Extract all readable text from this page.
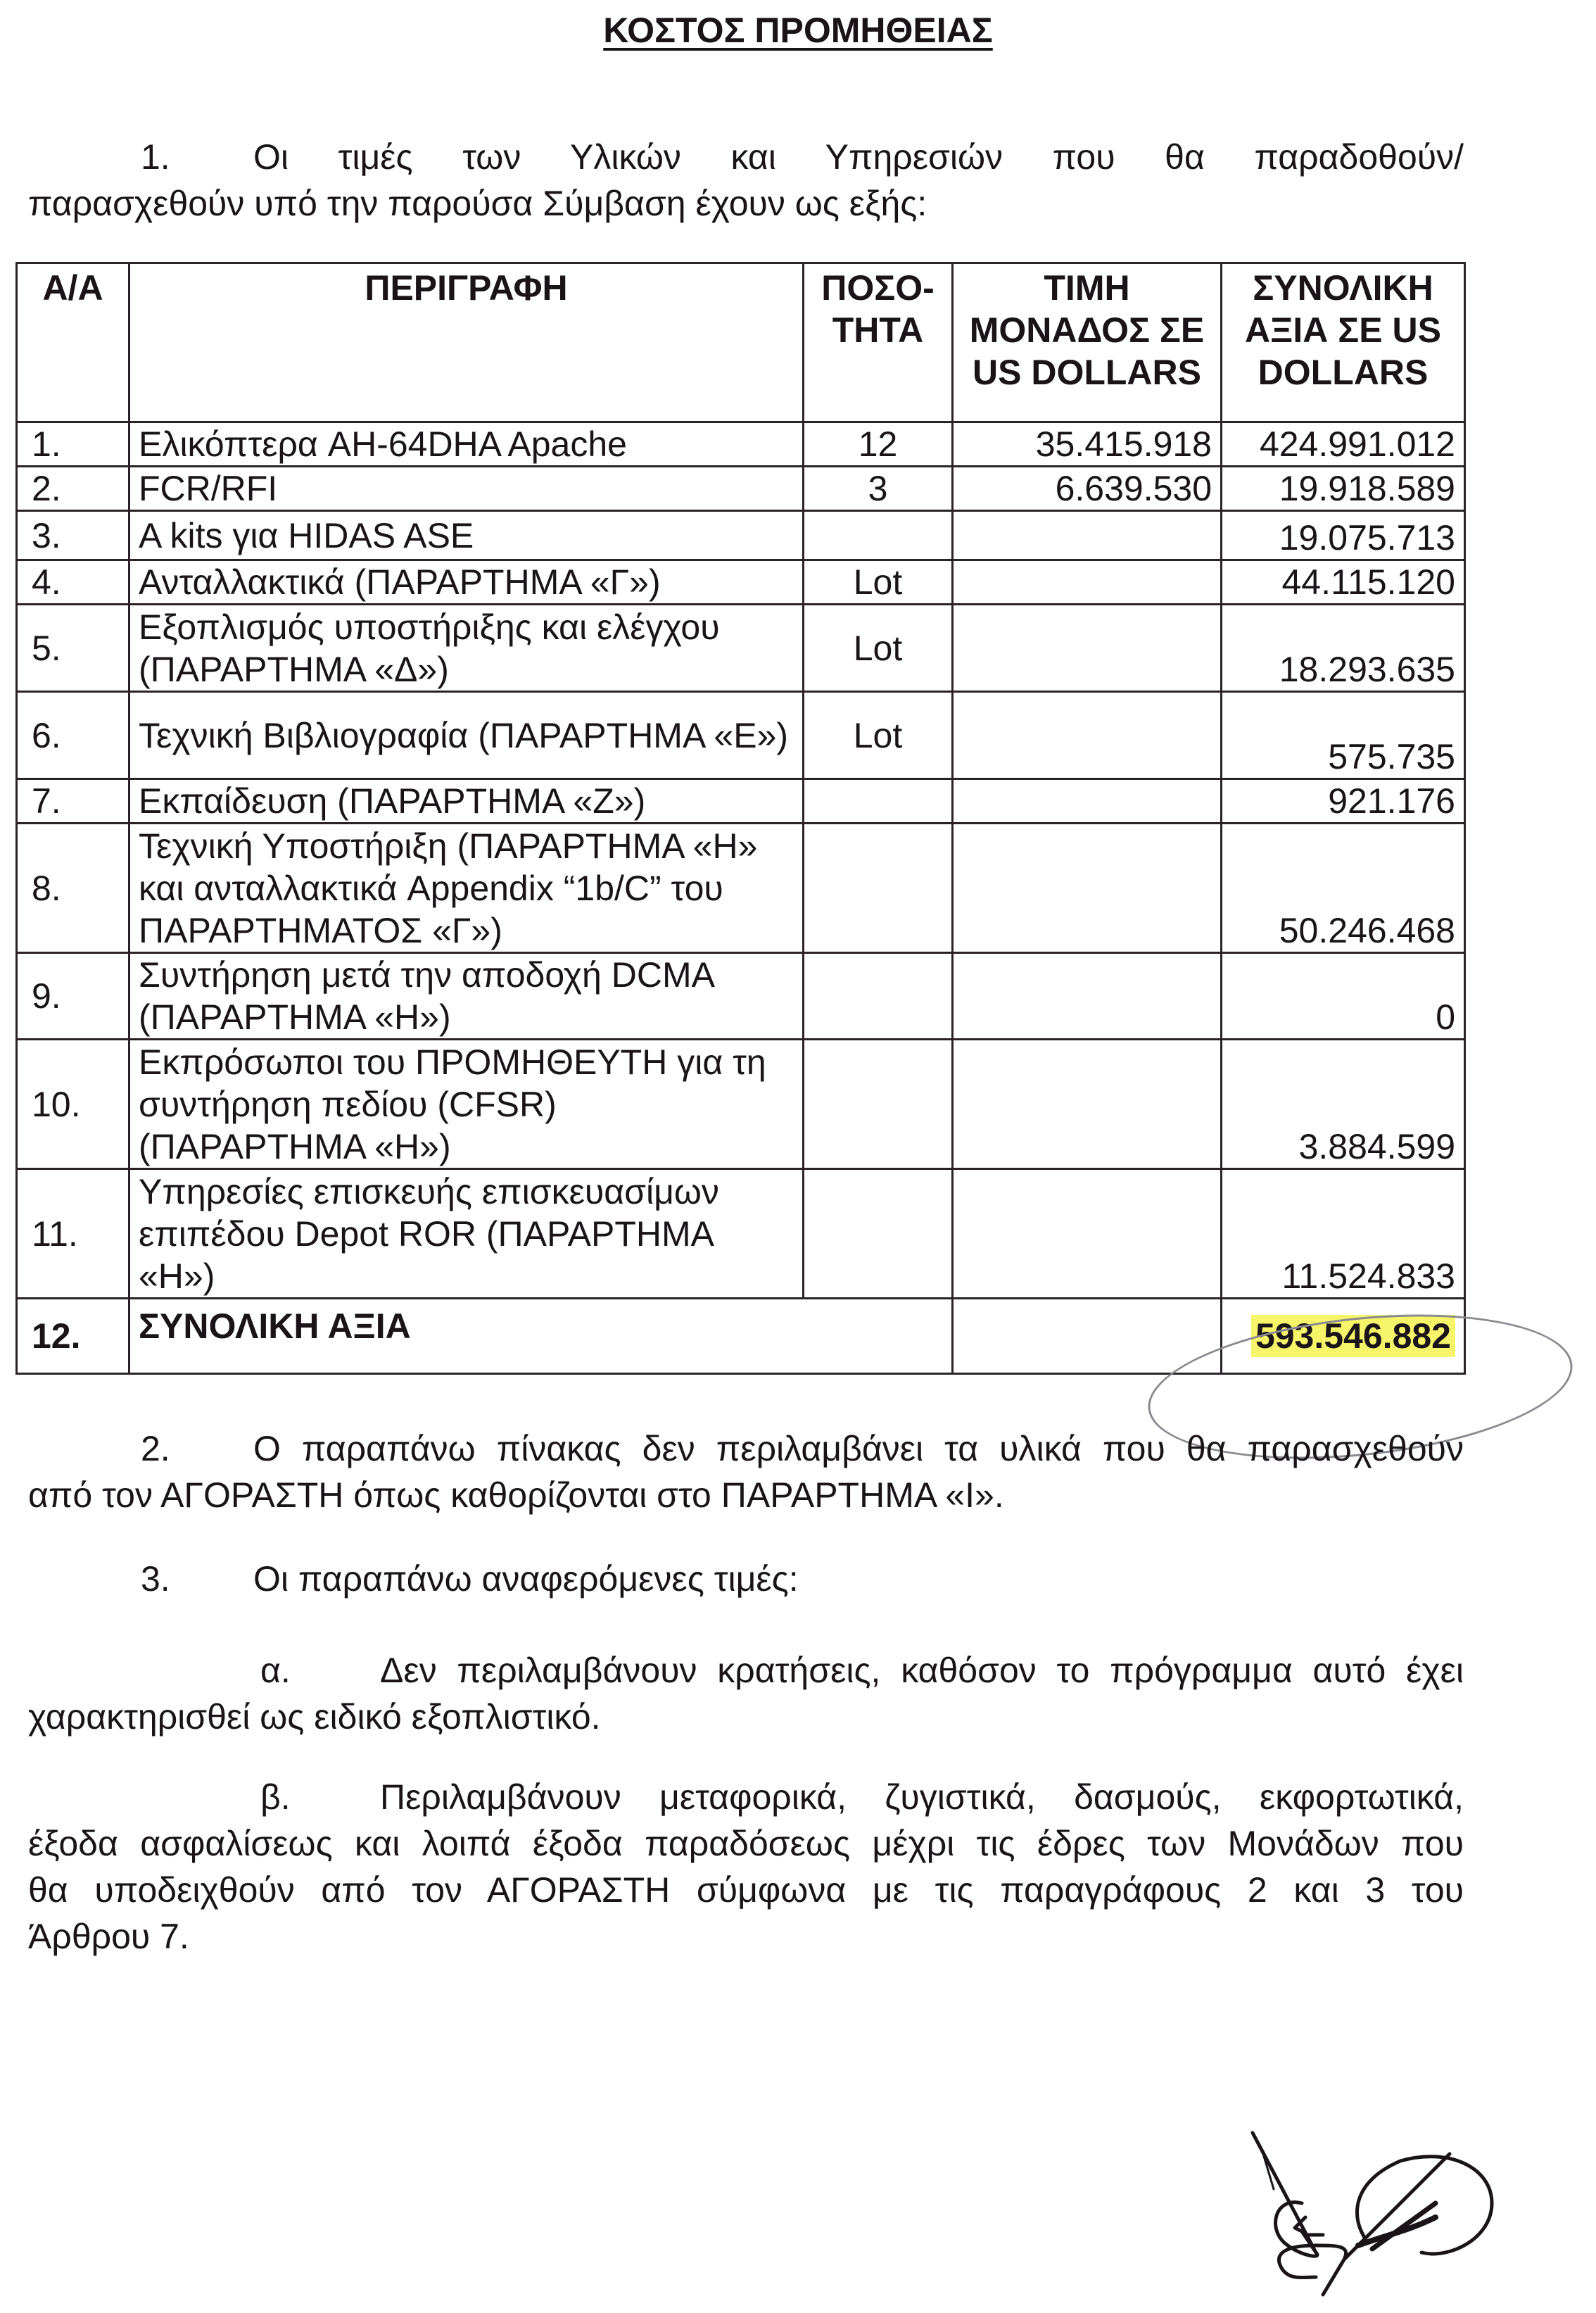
ΚΟΣΤΟΣ ΠΡΟΜΗΘΕΙΑΣ
1. Οι τιμές των Υλικών και Υπηρεσιών που θα παραδοθούν/
παρασχεθούν υπό την παρούσα Σύμβαση έχουν ως εξής:
Α/Α	ΠΕΡΙΓΡΑΦΗ	ΠΟΣΟ-ΤΗΤΑ	ΤΙΜΗ ΜΟΝΑΔΟΣ ΣΕ US DOLLARS	ΣΥΝΟΛΙΚΗ ΑΞΙΑ ΣΕ US DOLLARS
1.	Ελικόπτερα AH-64DHA Apache	12	35.415.918	424.991.012
2.	FCR/RFI	3	6.639.530	19.918.589
3.	A kits για HIDAS ASE			19.075.713
4.	Ανταλλακτικά (ΠΑΡΑΡΤΗΜΑ «Γ»)	Lot		44.115.120
5.	Εξοπλισμός υποστήριξης και ελέγχου (ΠΑΡΑΡΤΗΜΑ «Δ»)	Lot		18.293.635
6.	Τεχνική Βιβλιογραφία (ΠΑΡΑΡΤΗΜΑ «Ε»)	Lot		575.735
7.	Εκπαίδευση (ΠΑΡΑΡΤΗΜΑ «Ζ»)			921.176
8.	Τεχνική Υποστήριξη (ΠΑΡΑΡΤΗΜΑ «Η» και ανταλλακτικά Appendix “1b/C” του ΠΑΡΑΡΤΗΜΑΤΟΣ «Γ»)			50.246.468
9.	Συντήρηση μετά την αποδοχή DCMA (ΠΑΡΑΡΤΗΜΑ «Η»)			0
10.	Εκπρόσωποι του ΠΡΟΜΗΘΕΥΤΗ για τη συντήρηση πεδίου (CFSR) (ΠΑΡΑΡΤΗΜΑ «Η»)			3.884.599
11.	Υπηρεσίες επισκευής επισκευασίμων επιπέδου Depot ROR (ΠΑΡΑΡΤΗΜΑ «Η»)			11.524.833
12.	ΣΥΝΟΛΙΚΗ ΑΞΙΑ			593.546.882
2. Ο παραπάνω πίνακας δεν περιλαμβάνει τα υλικά που θα παρασχεθούν
από τον ΑΓΟΡΑΣΤΗ όπως καθορίζονται στο ΠΑΡΑΡΤΗΜΑ «Ι».
3. Οι παραπάνω αναφερόμενες τιμές:
α.	Δεν περιλαμβάνουν κρατήσεις, καθόσον το πρόγραμμα αυτό έχει
χαρακτηρισθεί ως ειδικό εξοπλιστικό.
β.	Περιλαμβάνουν μεταφορικά, ζυγιστικά, δασμούς, εκφορτωτικά,
έξοδα ασφαλίσεως και λοιπά έξοδα παραδόσεως μέχρι τις έδρες των Μονάδων που
θα υποδειχθούν από τον ΑΓΟΡΑΣΤΗ σύμφωνα με τις παραγράφους 2 και 3 του
Άρθρου 7.
